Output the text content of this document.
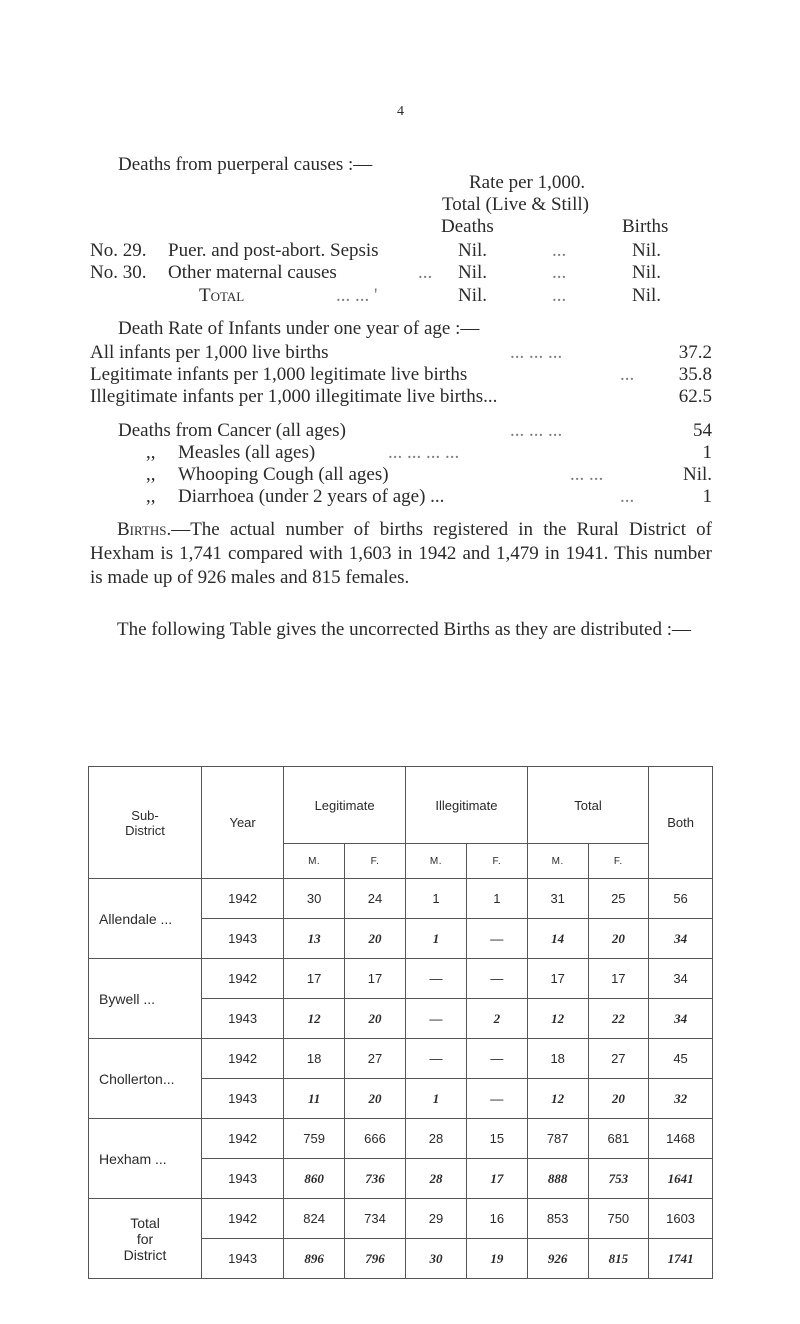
4
Deaths from puerperal causes :—
Rate per 1,000.
Total (Live & Still)
Deaths	Births
No. 29. Puer. and post-abort. Sepsis	Nil.	...	Nil.
No. 30. Other maternal causes	... Nil.	...	Nil.
Total	... ... '	Nil.	...	Nil.
Death Rate of Infants under one year of age :—
All infants per 1,000 live births	... ... ...	37.2
Legitimate infants per 1,000 legitimate live births	...	35.8
Illegitimate infants per 1,000 illegitimate live births...	62.5
Deaths from Cancer (all ages)	... ... ...	54
,, Measles (all ages)	... ... ... ...	1
,, Whooping Cough (all ages)	... ...	Nil.
,, Diarrhoea (under 2 years of age) ...	...	1
Births.—The actual number of births registered in the Rural District of Hexham is 1,741 compared with 1,603 in 1942 and 1,479 in 1941. This number is made up of 926 males and 815 females.
The following Table gives the uncorrected Births as they are distributed :—
Sub-
District	Year	Legitimate		Illegitimate		Total		Both
		M.	F.	M.	F.	M.	F.	
Allendale ...	1942	30	24	1	1	31	25	56
	1943	13	20	1	—	14	20	34
Bywell ...	1942	17	17	—	—	17	17	34
	1943	12	20	—	2	12	22	34
Chollerton...	1942	18	27	—	—	18	27	45
	1943	11	20	1	—	12	20	32
Hexham ...	1942	759	666	28	15	787	681	1468
	1943	860	736	28	17	888	753	1641
Total
for
District	1942	824	734	29	16	853	750	1603
	1943	896	796	30	19	926	815	1741
